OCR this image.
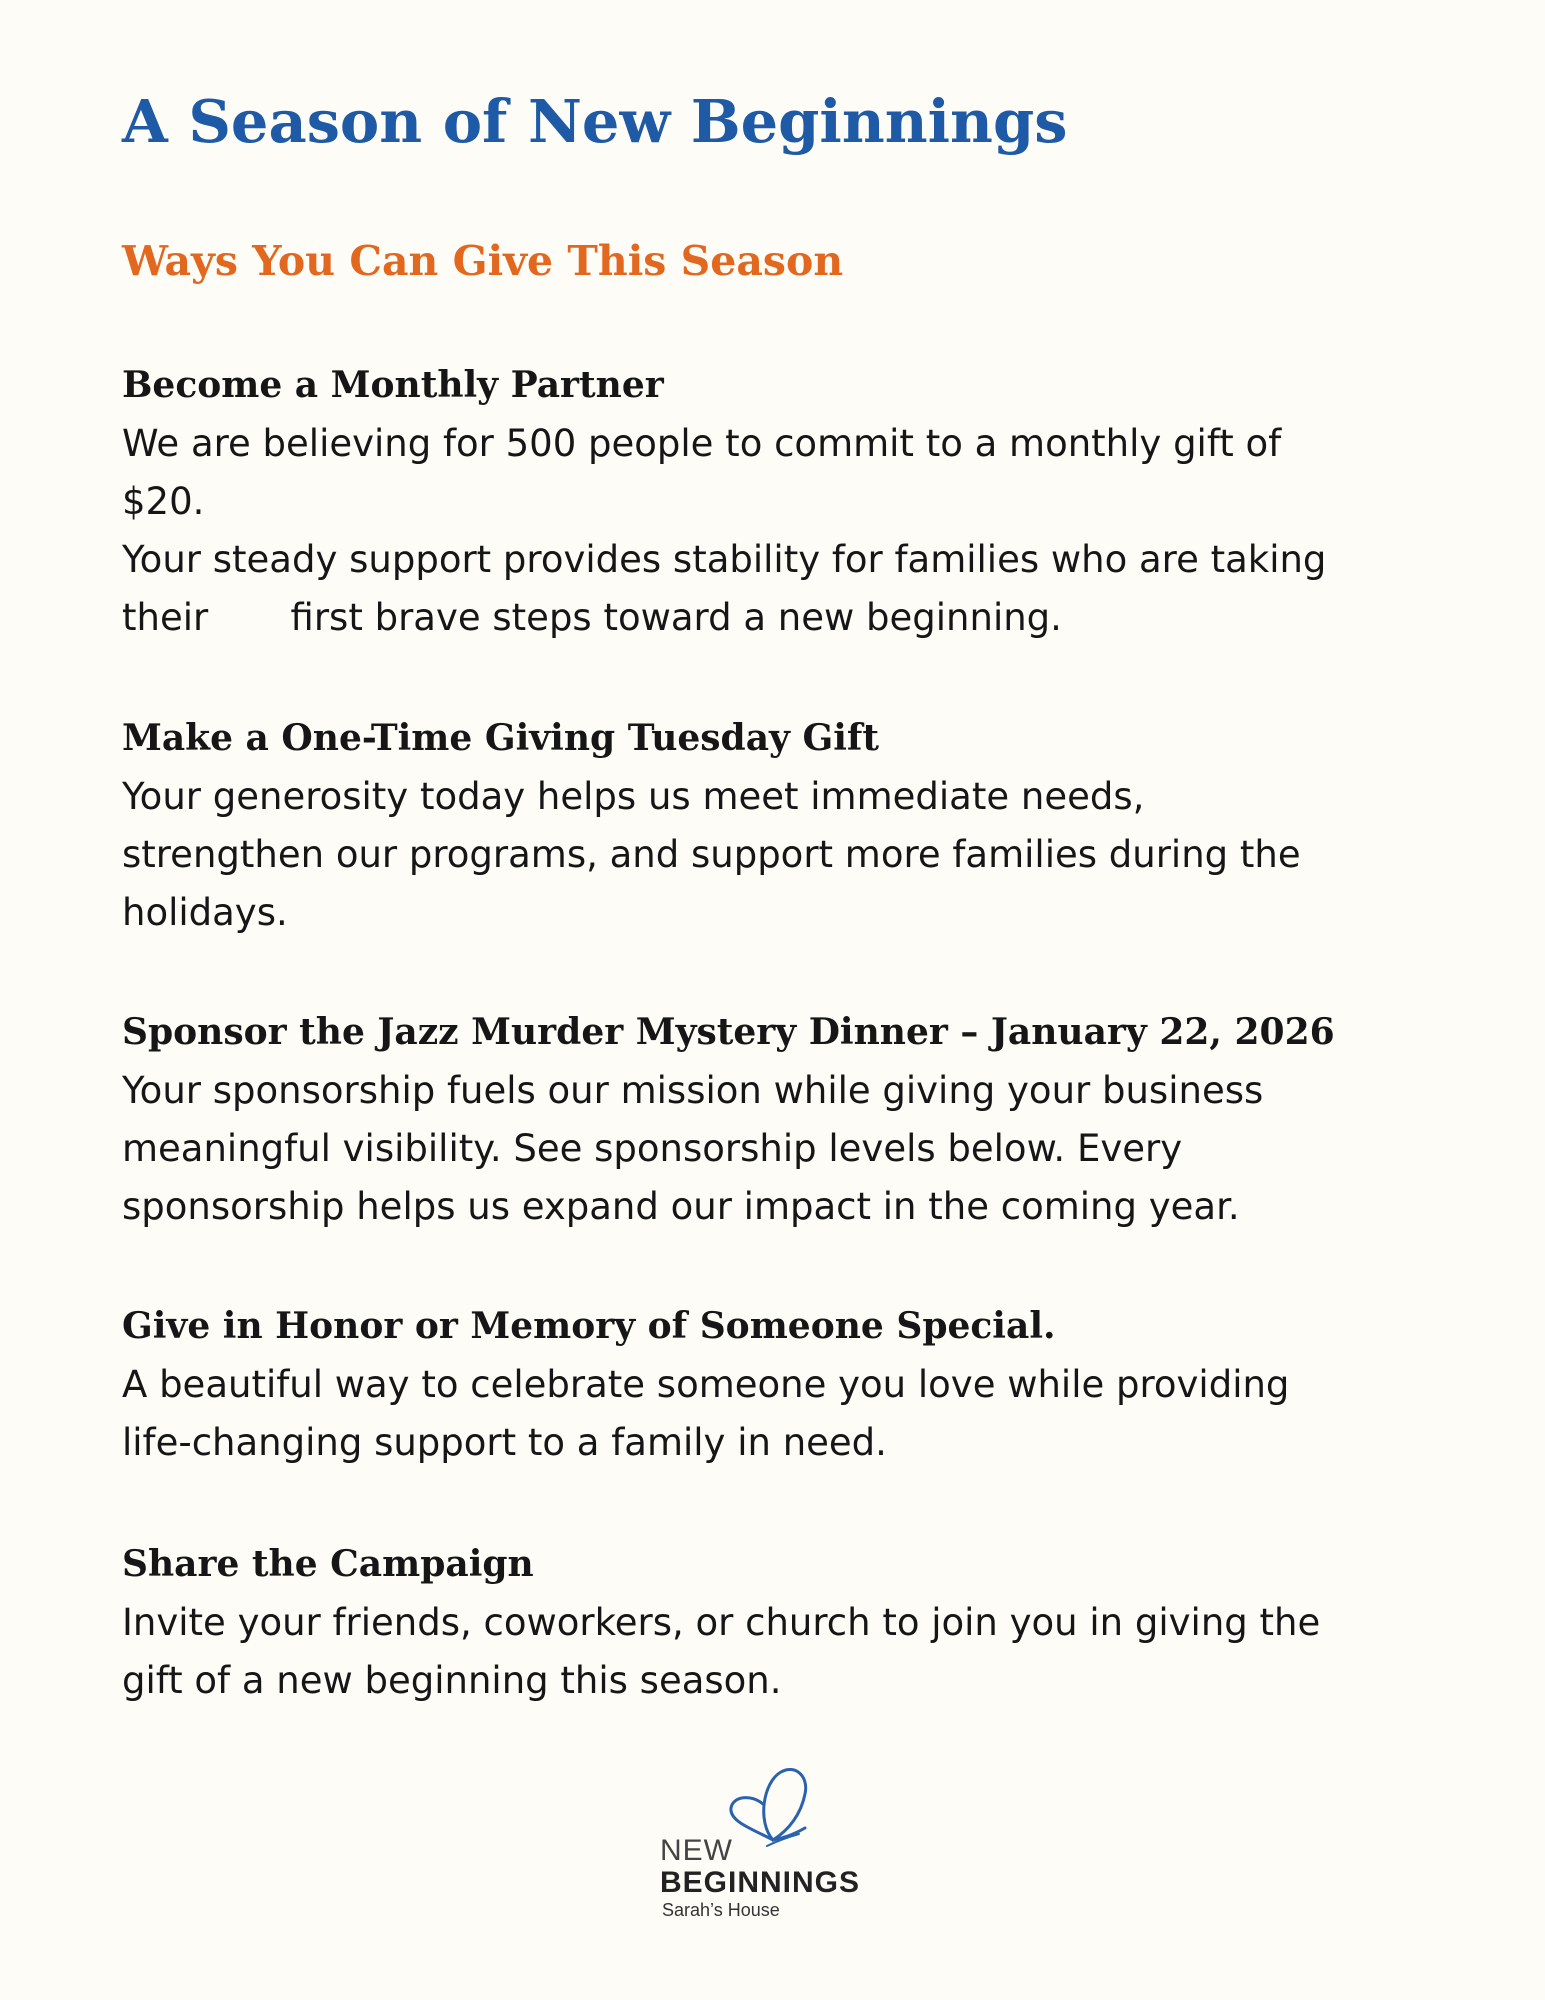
A Season of New Beginnings
Ways You Can Give This Season
Become a Monthly Partner

We are believing for 500 people to commit to a monthly gift of
$20.
Your steady support provides stability for families who are taking
their       first brave steps toward a new beginning.

Make a One-Time Giving Tuesday Gift

Your generosity today helps us meet immediate needs,
strengthen our programs, and support more families during the
holidays.

Sponsor the Jazz Murder Mystery Dinner – January 22, 2026

Your sponsorship fuels our mission while giving your business
meaningful visibility. See sponsorship levels below. Every
sponsorship helps us expand our impact in the coming year.

Give in Honor or Memory of Someone Special.

A beautiful way to celebrate someone you love while providing
life-changing support to a family in need.

Share the Campaign

Invite your friends, coworkers, or church to join you in giving the
gift of a new beginning this season.

NEW
BEGINNINGS
Sarah’s House
